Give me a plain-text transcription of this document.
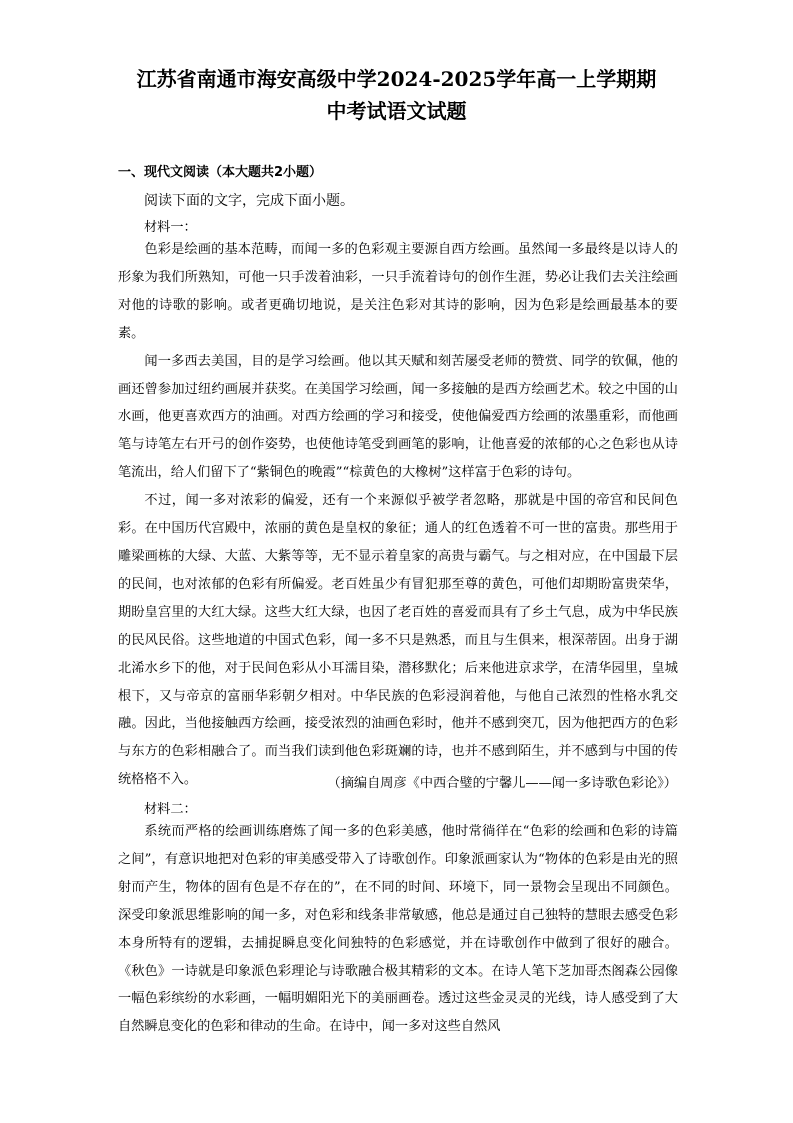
江苏省南通市海安高级中学2024-2025学年高一上学期期
中考试语文试题
一、现代文阅读（本大题共2小题）
阅读下面的文字，完成下面小题。
材料一：

色彩是绘画的基本范畴，而闻一多的色彩观主要源自西方绘画。虽然闻一多最终是以诗人的形象为我们所熟知，可他一只手泼着油彩，一只手流着诗句的创作生涯，势必让我们去关注绘画对他的诗歌的影响。或者更确切地说，是关注色彩对其诗的影响，因为色彩是绘画最基本的要素。

闻一多西去美国，目的是学习绘画。他以其天赋和刻苦屡受老师的赞赏、同学的钦佩，他的画还曾参加过纽约画展并获奖。在美国学习绘画，闻一多接触的是西方绘画艺术。较之中国的山水画，他更喜欢西方的油画。对西方绘画的学习和接受，使他偏爱西方绘画的浓墨重彩，而他画笔与诗笔左右开弓的创作姿势，也使他诗笔受到画笔的影响，让他喜爱的浓郁的心之色彩也从诗笔流出，给人们留下了“紫铜色的晚霞”“棕黄色的大橡树”这样富于色彩的诗句。

不过，闻一多对浓彩的偏爱，还有一个来源似乎被学者忽略，那就是中国的帝宫和民间色彩。在中国历代宫殿中，浓丽的黄色是皇权的象征；通人的红色透着不可一世的富贵。那些用于雕梁画栋的大绿、大蓝、大紫等等，无不显示着皇家的高贵与霸气。与之相对应，在中国最下层的民间，也对浓郁的色彩有所偏爱。老百姓虽少有冒犯那至尊的黄色，可他们却期盼富贵荣华，期盼皇宫里的大红大绿。这些大红大绿，也因了老百姓的喜爱而具有了乡土气息，成为中华民族的民风民俗。这些地道的中国式色彩，闻一多不只是熟悉，而且与生俱来，根深蒂固。出身于湖北浠水乡下的他，对于民间色彩从小耳濡目染，潜移默化；后来他进京求学，在清华园里，皇城根下，又与帝京的富丽华彩朝夕相对。中华民族的色彩浸润着他，与他自己浓烈的性格水乳交融。因此，当他接触西方绘画，接受浓烈的油画色彩时，他并不感到突兀，因为他把西方的色彩与东方的色彩相融合了。而当我们读到他色彩斑斓的诗，也并不感到陌生，并不感到与中国的传统格格不入。	（摘编自周彦《中西合璧的宁馨儿——闻一多诗歌色彩论》）
材料二：

系统而严格的绘画训练磨炼了闻一多的色彩美感，他时常徜徉在“色彩的绘画和色彩的诗篇之间”，有意识地把对色彩的审美感受带入了诗歌创作。印象派画家认为“物体的色彩是由光的照射而产生，物体的固有色是不存在的”，在不同的时间、环境下，同一景物会呈现出不同颜色。深受印象派思维影响的闻一多，对色彩和线条非常敏感，他总是通过自己独特的慧眼去感受色彩本身所特有的逻辑，去捕捉瞬息变化间独特的色彩感觉，并在诗歌创作中做到了很好的融合。《秋色》一诗就是印象派色彩理论与诗歌融合极其精彩的文本。在诗人笔下芝加哥杰阁森公园像一幅色彩缤纷的水彩画，一幅明媚阳光下的美丽画卷。透过这些金灵灵的光线，诗人感受到了大自然瞬息变化的色彩和律动的生命。在诗中，闻一多对这些自然风
